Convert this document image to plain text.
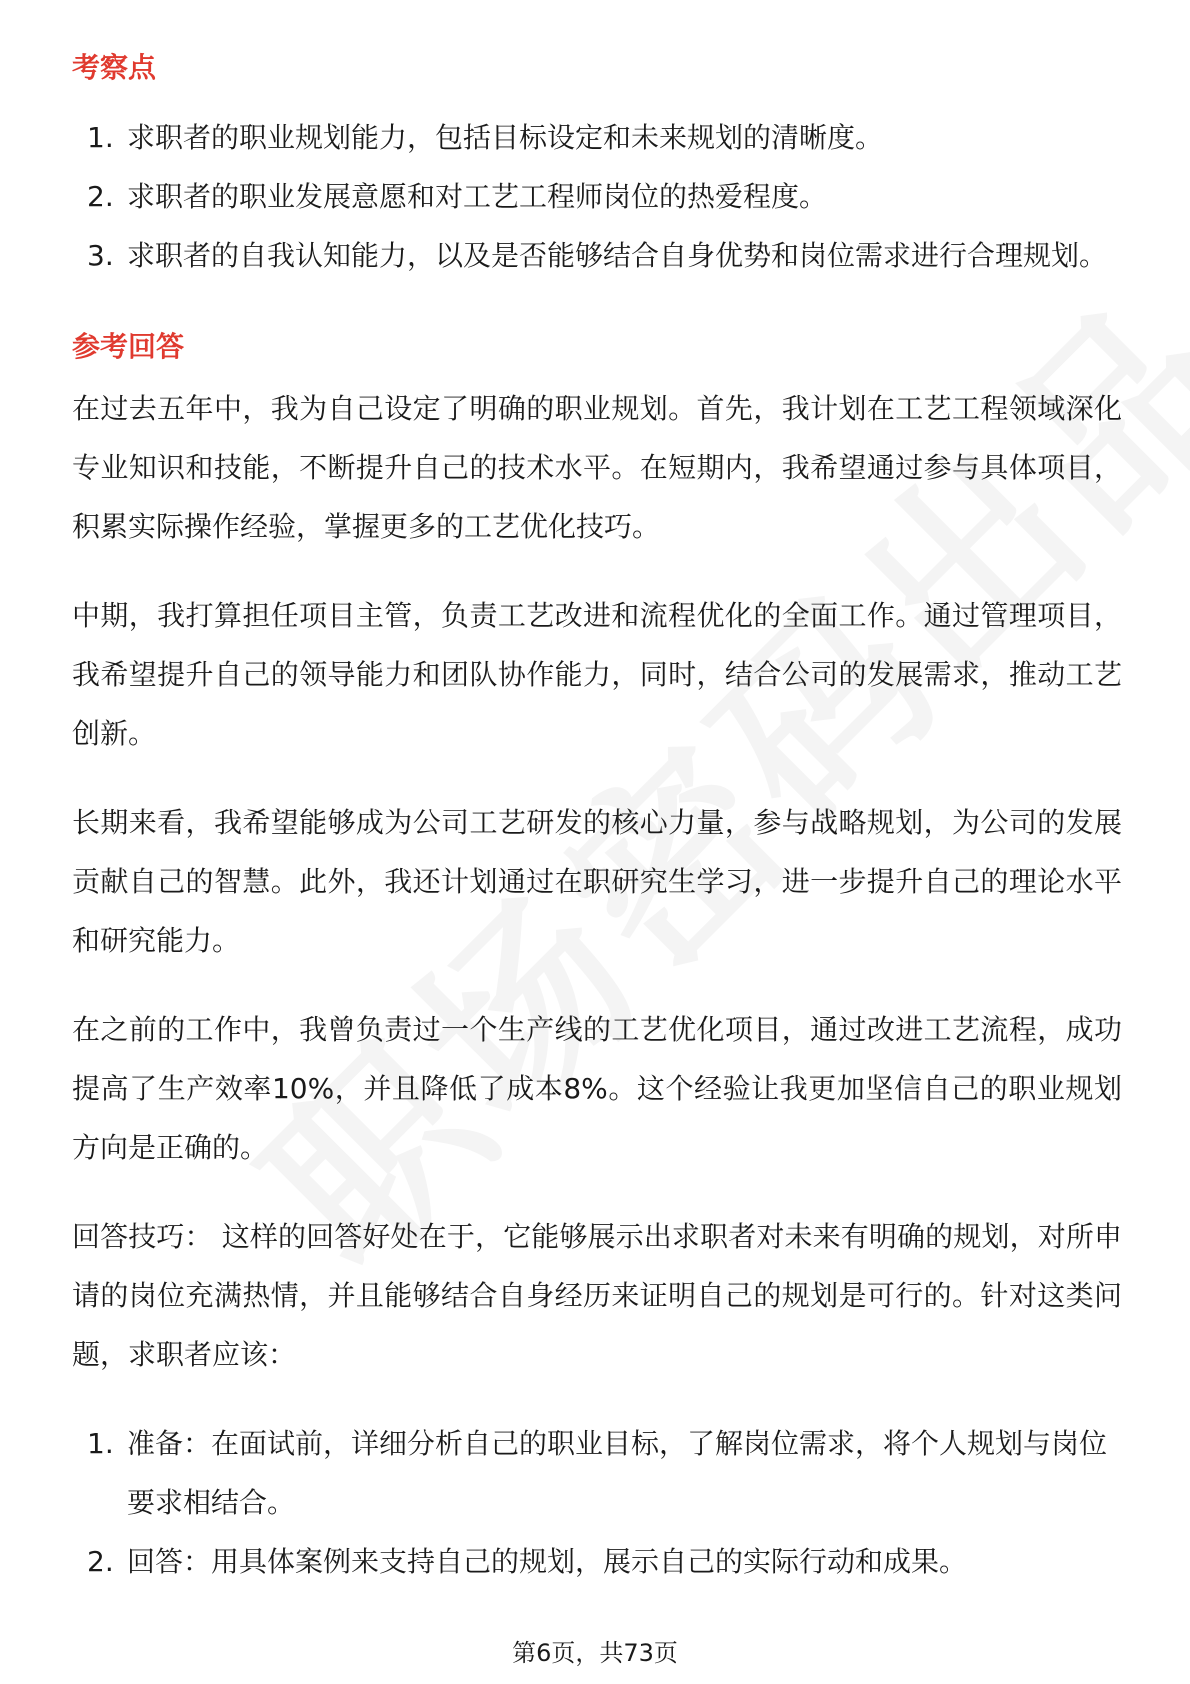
考察点
1. 求职者的职业规划能力，包括目标设定和未来规划的清晰度。
2. 求职者的职业发展意愿和对工艺工程师岗位的热爱程度。
3. 求职者的自我认知能力，以及是否能够结合自身优势和岗位需求进行合理规划。
参考回答

在过去五年中，我为自己设定了明确的职业规划。首先，我计划在工艺工程领域深化专业知识和技能，不断提升自己的技术水平。在短期内，我希望通过参与具体项目，积累实际操作经验，掌握更多的工艺优化技巧。

中期，我打算担任项目主管，负责工艺改进和流程优化的全面工作。通过管理项目，我希望提升自己的领导能力和团队协作能力，同时，结合公司的发展需求，推动工艺创新。

长期来看，我希望能够成为公司工艺研发的核心力量，参与战略规划，为公司的发展贡献自己的智慧。此外，我还计划通过在职研究生学习，进一步提升自己的理论水平和研究能力。

在之前的工作中，我曾负责过一个生产线的工艺优化项目，通过改进工艺流程，成功提高了生产效率10%，并且降低了成本8%。这个经验让我更加坚信自己的职业规划方向是正确的。

回答技巧： 这样的回答好处在于，它能够展示出求职者对未来有明确的规划，对所申请的岗位充满热情，并且能够结合自身经历来证明自己的规划是可行的。针对这类问题，求职者应该：

1. 准备：在面试前，详细分析自己的职业目标，了解岗位需求，将个人规划与岗位要求相结合。
2. 回答：用具体案例来支持自己的规划，展示自己的实际行动和成果。
第6页，共73页
